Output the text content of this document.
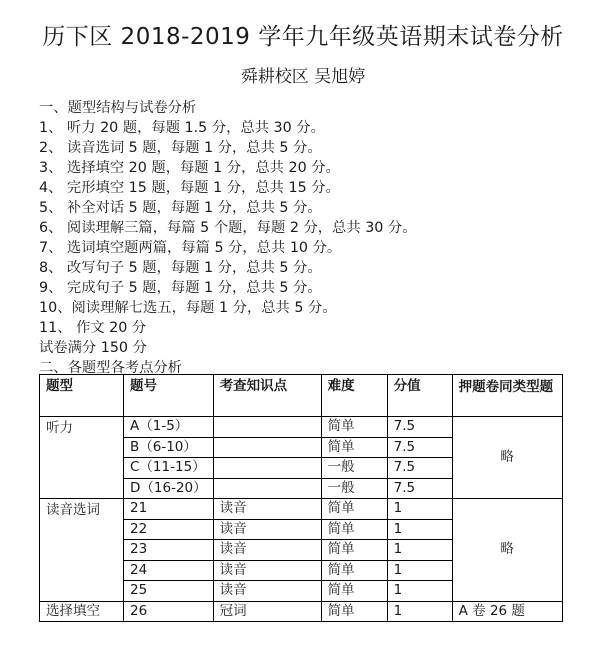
历下区 2018-2019 学年九年级英语期末试卷分析
舜耕校区 吴旭婷
一、题型结构与试卷分析
1、 听力 20 题，每题 1.5 分，总共 30 分。
2、 读音选词 5 题，每题 1 分，总共 5 分。
3、 选择填空 20 题，每题 1 分，总共 20 分。
4、 完形填空 15 题，每题 1 分，总共 15 分。
5、 补全对话 5 题，每题 1 分，总共 5 分。
6、 阅读理解三篇，每篇 5 个题，每题 2 分，总共 30 分。
7、 选词填空题两篇，每篇 5 分，总共 10 分。
8、 改写句子 5 题，每题 1 分，总共 5 分。
9、 完成句子 5 题，每题 1 分，总共 5 分。
10、阅读理解七选五，每题 1 分，总共 5 分。
11、 作文 20 分
试卷满分 150 分
二、各题型各考点分析
题型	题号	考查知识点	难度	分值	押题卷同类型题
听力	A（1-5）		简单	7.5	略
	B（6-10）		简单	7.5	
	C（11-15）		一般	7.5	
	D（16-20）		一般	7.5	
读音选词	21	读音	简单	1	略
	22	读音	简单	1	
	23	读音	简单	1	
	24	读音	简单	1	
	25	读音	简单	1	
选择填空	26	冠词	简单	1	A 卷 26 题
